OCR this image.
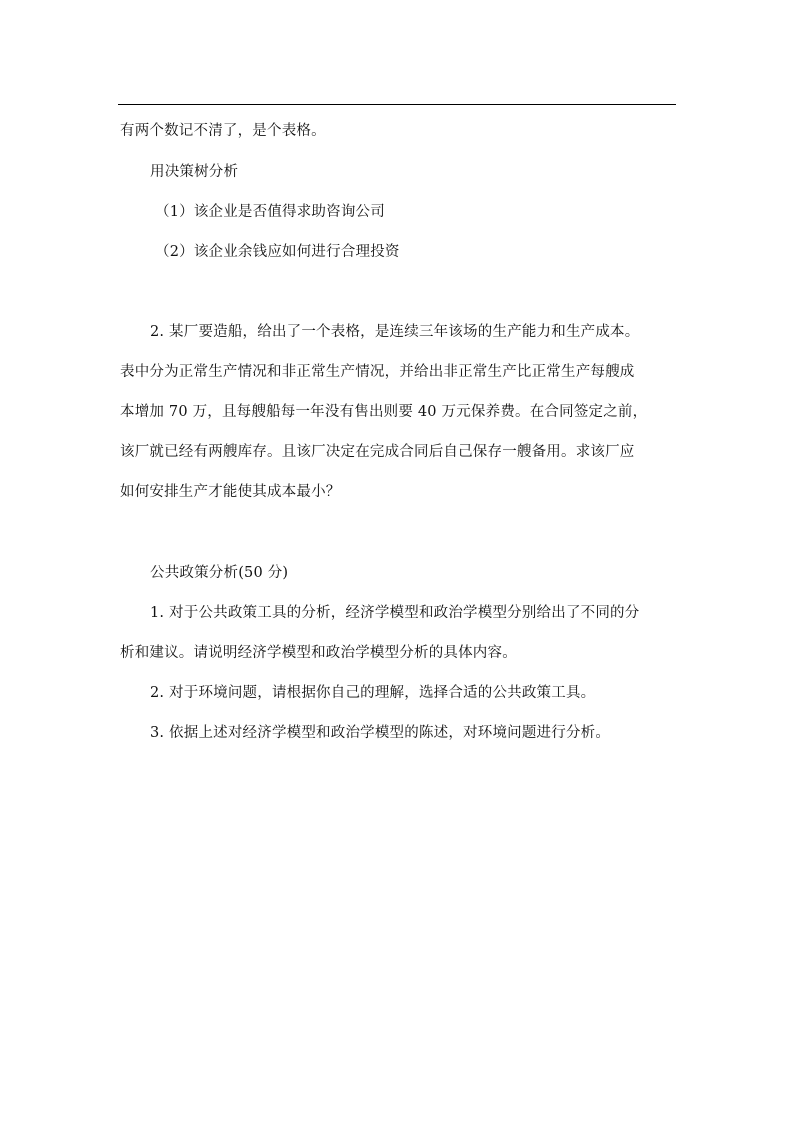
有两个数记不清了，是个表格。
用决策树分析
（1）该企业是否值得求助咨询公司
（2）该企业余钱应如何进行合理投资
2. 某厂要造船，给出了一个表格，是连续三年该场的生产能力和生产成本。
表中分为正常生产情况和非正常生产情况，并给出非正常生产比正常生产每艘成
本增加 70 万，且每艘船每一年没有售出则要 40 万元保养费。在合同签定之前，
该厂就已经有两艘库存。且该厂决定在完成合同后自己保存一艘备用。求该厂应
如何安排生产才能使其成本最小？
公共政策分析(50 分)
1. 对于公共政策工具的分析，经济学模型和政治学模型分别给出了不同的分
析和建议。请说明经济学模型和政治学模型分析的具体内容。
2. 对于环境问题，请根据你自己的理解，选择合适的公共政策工具。
3. 依据上述对经济学模型和政治学模型的陈述，对环境问题进行分析。
